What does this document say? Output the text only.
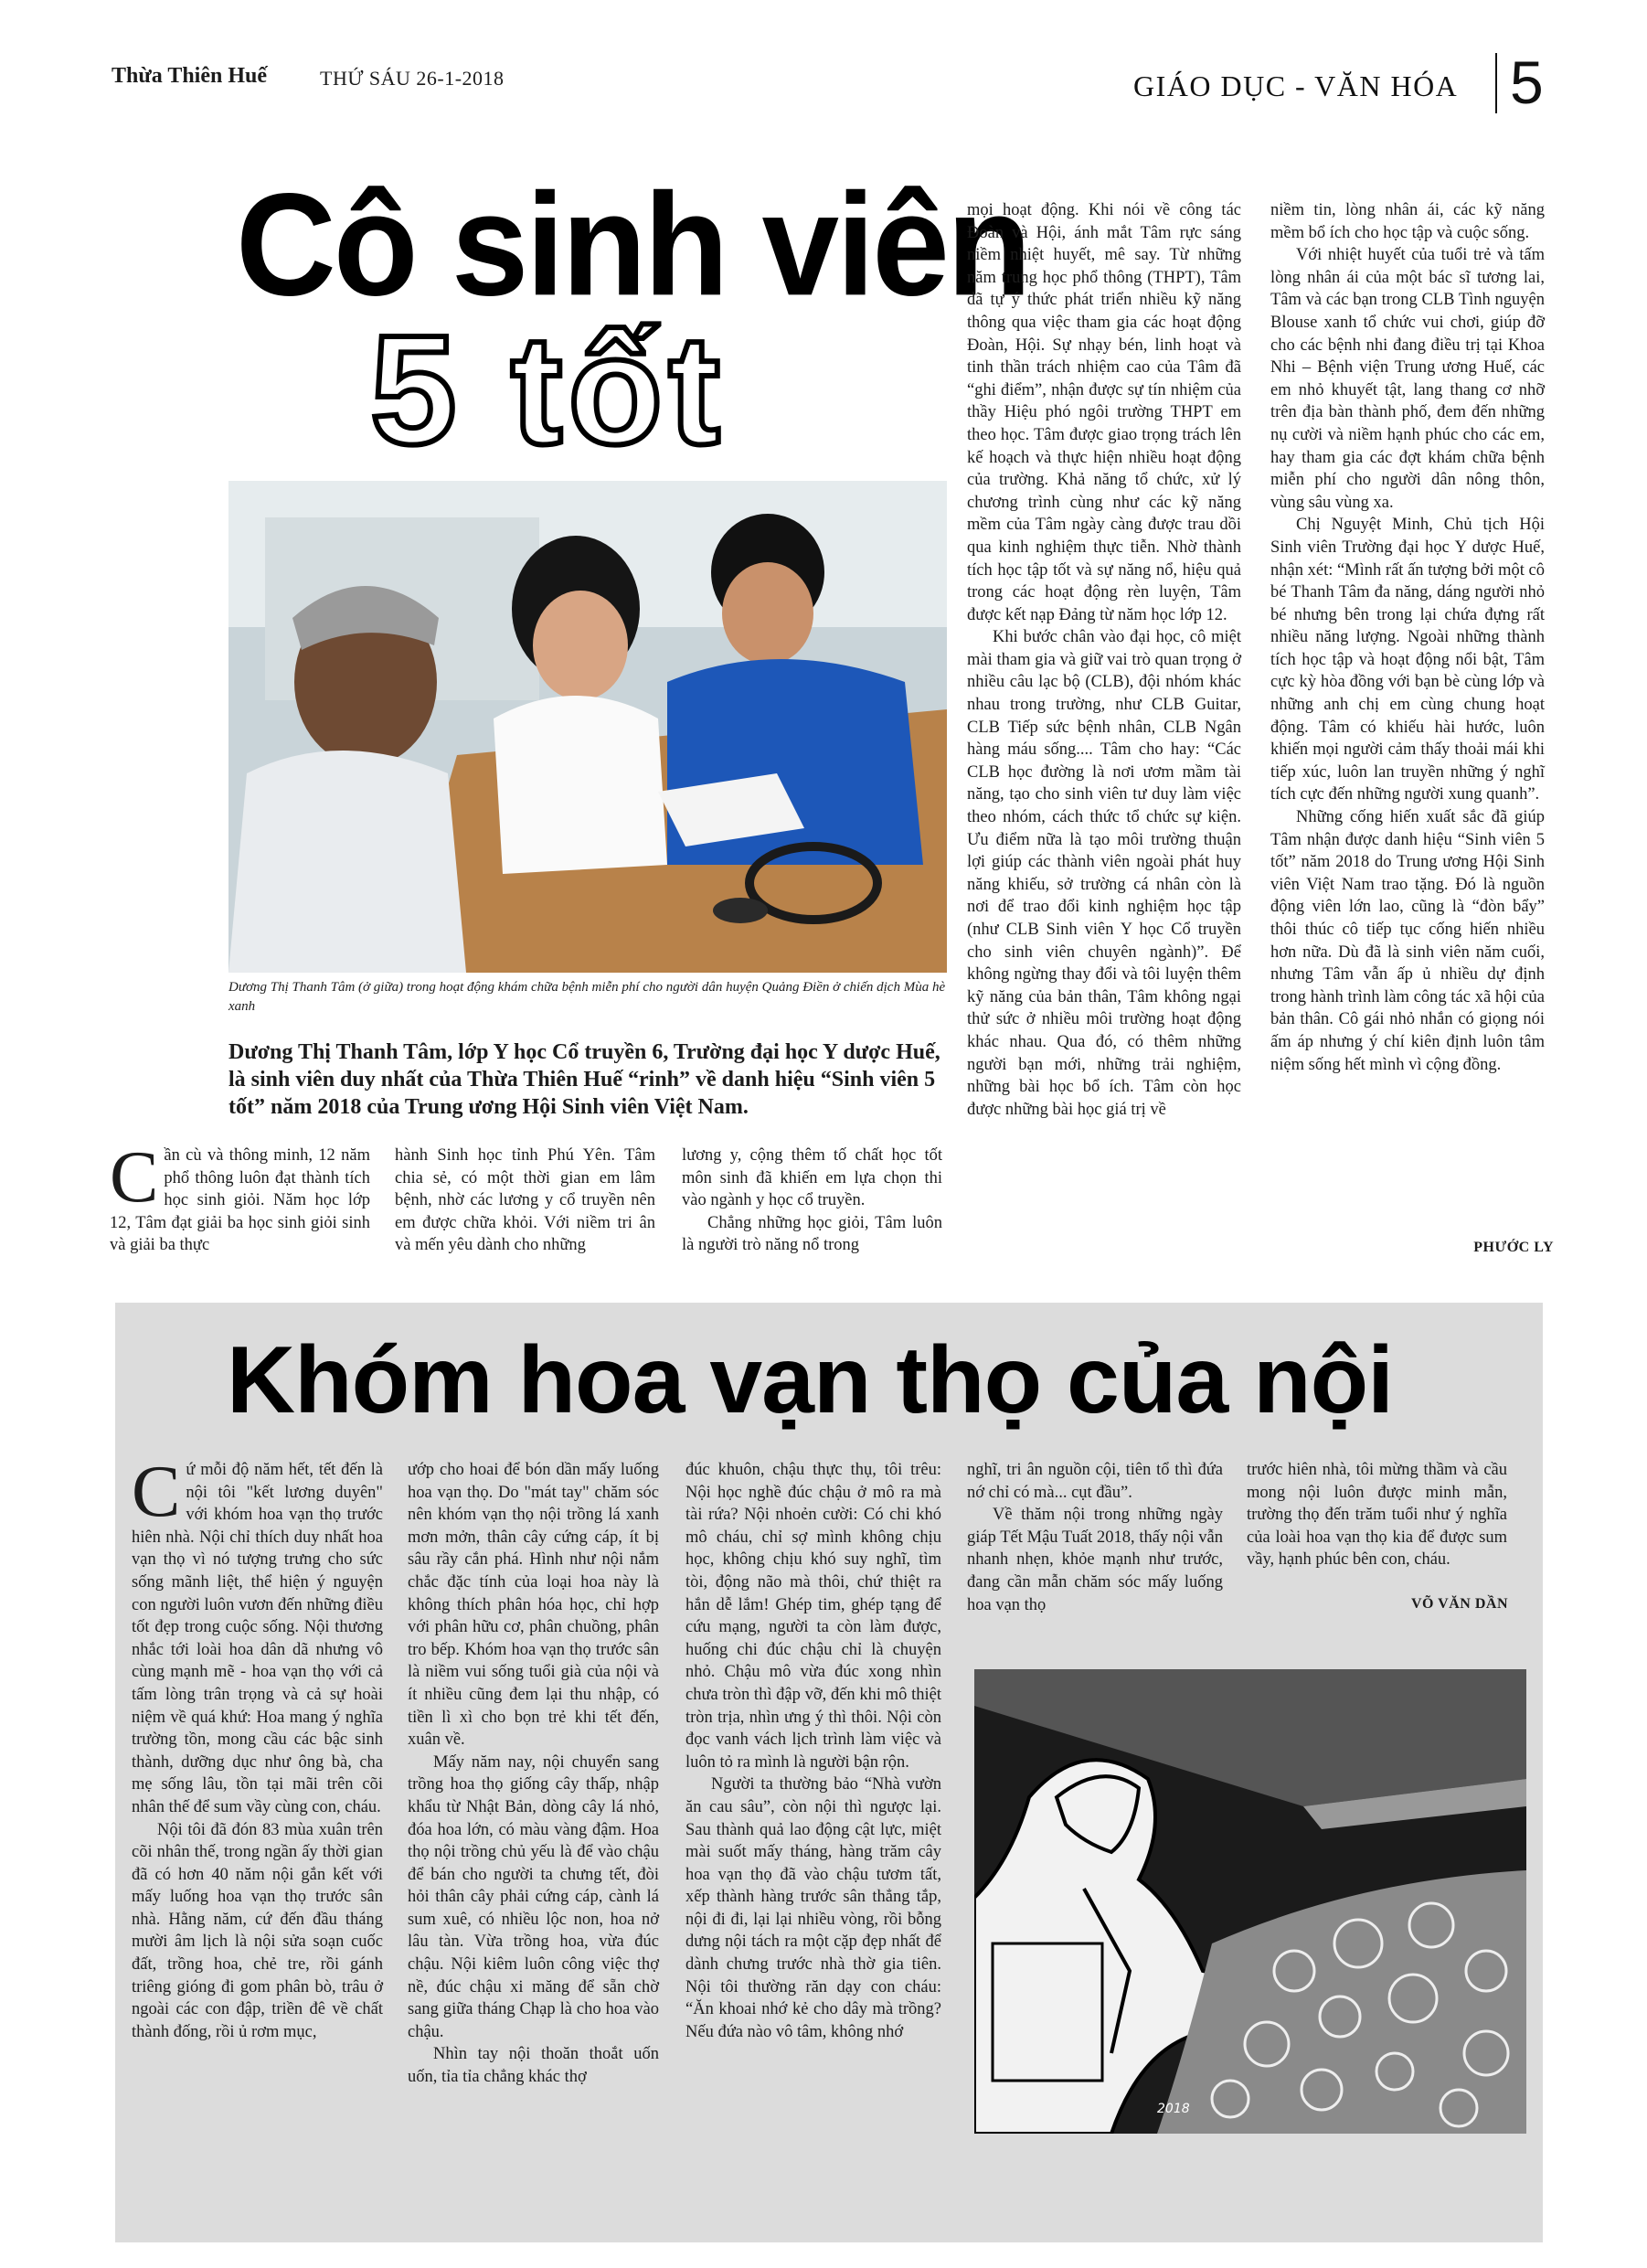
Thừa Thiên Huế	THỨ SÁU 26-1-2018	GIÁO DỤC - VĂN HÓA 5
Cô sinh viên
5 tốt
Dương Thị Thanh Tâm (ở giữa) trong hoạt động khám chữa bệnh miễn phí cho người dân huyện Quảng Điền ở chiến dịch Mùa hè xanh
Dương Thị Thanh Tâm, lớp Y học Cổ truyền 6, Trường đại học Y dược Huế, là sinh viên duy nhất của Thừa Thiên Huế “rinh” về danh hiệu “Sinh viên 5 tốt” năm 2018 của Trung ương Hội Sinh viên Việt Nam.

Cần cù và thông minh, 12 năm phổ thông luôn đạt thành tích học sinh giỏi. Năm học lớp 12, Tâm đạt giải ba học sinh giỏi sinh và giải ba thực

hành Sinh học tỉnh Phú Yên. Tâm chia sẻ, có một thời gian em lâm bệnh, nhờ các lương y cổ truyền nên em được chữa khỏi. Với niềm tri ân và mến yêu dành cho những

lương y, cộng thêm tố chất học tốt môn sinh đã khiến em lựa chọn thi vào ngành y học cổ truyền.

Chẳng những học giỏi, Tâm luôn là người trò năng nổ trong

mọi hoạt động. Khi nói về công tác Đoàn và Hội, ánh mắt Tâm rực sáng niềm nhiệt huyết, mê say. Từ những năm trung học phổ thông (THPT), Tâm đã tự ý thức phát triển nhiều kỹ năng thông qua việc tham gia các hoạt động Đoàn, Hội. Sự nhạy bén, linh hoạt và tinh thần trách nhiệm cao của Tâm đã “ghi điểm”, nhận được sự tín nhiệm của thầy Hiệu phó ngôi trường THPT em theo học. Tâm được giao trọng trách lên kế hoạch và thực hiện nhiều hoạt động của trường. Khả năng tổ chức, xử lý chương trình cùng như các kỹ năng mềm của Tâm ngày càng được trau dồi qua kinh nghiệm thực tiễn. Nhờ thành tích học tập tốt và sự năng nổ, hiệu quả trong các hoạt động rèn luyện, Tâm được kết nạp Đảng từ năm học lớp 12.

Khi bước chân vào đại học, cô miệt mài tham gia và giữ vai trò quan trọng ở nhiều câu lạc bộ (CLB), đội nhóm khác nhau trong trường, như CLB Guitar, CLB Tiếp sức bệnh nhân, CLB Ngân hàng máu sống.... Tâm cho hay: “Các CLB học đường là nơi ươm mầm tài năng, tạo cho sinh viên tư duy làm việc theo nhóm, cách thức tổ chức sự kiện. Ưu điểm nữa là tạo môi trường thuận lợi giúp các thành viên ngoài phát huy năng khiếu, sở trường cá nhân còn là nơi để trao đổi kinh nghiệm học tập (như CLB Sinh viên Y học Cổ truyền cho sinh viên chuyên ngành)”. Để không ngừng thay đổi và tôi luyện thêm kỹ năng của bản thân, Tâm không ngại thử sức ở nhiều môi trường hoạt động khác nhau. Qua đó, có thêm những người bạn mới, những trải nghiệm, những bài học bổ ích. Tâm còn học được những bài học giá trị về

niềm tin, lòng nhân ái, các kỹ năng mềm bổ ích cho học tập và cuộc sống.

Với nhiệt huyết của tuổi trẻ và tấm lòng nhân ái của một bác sĩ tương lai, Tâm và các bạn trong CLB Tình nguyện Blouse xanh tổ chức vui chơi, giúp đỡ cho các bệnh nhi đang điều trị tại Khoa Nhi – Bệnh viện Trung ương Huế, các em nhỏ khuyết tật, lang thang cơ nhỡ trên địa bàn thành phố, đem đến những nụ cười và niềm hạnh phúc cho các em, hay tham gia các đợt khám chữa bệnh miễn phí cho người dân nông thôn, vùng sâu vùng xa.

Chị Nguyệt Minh, Chủ tịch Hội Sinh viên Trường đại học Y dược Huế, nhận xét: “Mình rất ấn tượng bởi một cô bé Thanh Tâm đa năng, dáng người nhỏ bé nhưng bên trong lại chứa đựng rất nhiều năng lượng. Ngoài những thành tích học tập và hoạt động nổi bật, Tâm cực kỳ hòa đồng với bạn bè cùng lớp và những anh chị em cùng chung hoạt động. Tâm có khiếu hài hước, luôn khiến mọi người cảm thấy thoải mái khi tiếp xúc, luôn lan truyền những ý nghĩ tích cực đến những người xung quanh”.

Những cống hiến xuất sắc đã giúp Tâm nhận được danh hiệu “Sinh viên 5 tốt” năm 2018 do Trung ương Hội Sinh viên Việt Nam trao tặng. Đó là nguồn động viên lớn lao, cũng là “đòn bẩy” thôi thúc cô tiếp tục cống hiến nhiều hơn nữa. Dù đã là sinh viên năm cuối, nhưng Tâm vẫn ấp ủ nhiều dự định trong hành trình làm công tác xã hội của bản thân. Cô gái nhỏ nhắn có giọng nói ấm áp nhưng ý chí kiên định luôn tâm niệm sống hết mình vì cộng đồng.

PHƯỚC LY
Khóm hoa vạn thọ của nội

Cứ mỗi độ năm hết, tết đến là nội tôi "kết lương duyên" với khóm hoa vạn thọ trước hiên nhà. Nội chỉ thích duy nhất hoa vạn thọ vì nó tượng trưng cho sức sống mãnh liệt, thể hiện ý nguyện con người luôn vươn đến những điều tốt đẹp trong cuộc sống. Nội thương nhắc tới loài hoa dân dã nhưng vô cùng mạnh mẽ - hoa vạn thọ với cả tấm lòng trân trọng và cả sự hoài niệm về quá khứ: Hoa mang ý nghĩa trường tồn, mong cầu các bậc sinh thành, dưỡng dục như ông bà, cha mẹ sống lâu, tồn tại mãi trên cõi nhân thế để sum vầy cùng con, cháu.

Nội tôi đã đón 83 mùa xuân trên cõi nhân thế, trong ngần ấy thời gian đã có hơn 40 năm nội gắn kết với mấy luống hoa vạn thọ trước sân nhà. Hằng năm, cứ đến đầu tháng mười âm lịch là nội sửa soạn cuốc đất, trồng hoa, chẻ tre, rồi gánh triêng gióng đi gom phân bò, trâu ở ngoài các con đập, triền đê về chất thành đống, rồi ủ rơm mục,

ướp cho hoai để bón dần mấy luống hoa vạn thọ. Do "mát tay" chăm sóc nên khóm vạn thọ nội trồng lá xanh mơn mởn, thân cây cứng cáp, ít bị sâu rầy cắn phá. Hình như nội nắm chắc đặc tính của loại hoa này là không thích phân hóa học, chỉ hợp với phân hữu cơ, phân chuồng, phân tro bếp. Khóm hoa vạn thọ trước sân là niềm vui sống tuổi già của nội và ít nhiều cũng đem lại thu nhập, có tiền lì xì cho bọn trẻ khi tết đến, xuân về.

Mấy năm nay, nội chuyển sang trồng hoa thọ giống cây thấp, nhập khẩu từ Nhật Bản, dòng cây lá nhỏ, đóa hoa lớn, có màu vàng đậm. Hoa thọ nội trồng chủ yếu là để vào chậu để bán cho người ta chưng tết, đòi hỏi thân cây phải cứng cáp, cành lá sum xuê, có nhiều lộc non, hoa nở lâu tàn. Vừa trồng hoa, vừa đúc chậu. Nội kiêm luôn công việc thợ nề, đúc chậu xi măng để sẵn chờ sang giữa tháng Chạp là cho hoa vào chậu.

Nhìn tay nội thoăn thoắt uốn uốn, tỉa tỉa chẳng khác thợ

đúc khuôn, chậu thực thụ, tôi trêu: Nội học nghề đúc chậu ở mô ra mà tài rứa? Nội nhoẻn cười: Có chi khó mô cháu, chỉ sợ mình không chịu học, không chịu khó suy nghĩ, tìm tòi, động não mà thôi, chứ thiệt ra hắn dễ lắm! Ghép tim, ghép tạng để cứu mạng, người ta còn làm được, huống chi đúc chậu chỉ là chuyện nhỏ. Chậu mô vừa đúc xong nhìn chưa tròn thì đập vỡ, đến khi mô thiệt tròn trịa, nhìn ưng ý thì thôi. Nội còn đọc vanh vách lịch trình làm việc và luôn tỏ ra mình là người bận rộn.

Người ta thường bảo “Nhà vườn ăn cau sâu”, còn nội thì ngược lại. Sau thành quả lao động cật lực, miệt mài suốt mấy tháng, hàng trăm cây hoa vạn thọ đã vào chậu tươm tất, xếp thành hàng trước sân thẳng tắp, nội đi đi, lại lại nhiều vòng, rồi bỗng dưng nội tách ra một cặp đẹp nhất để dành chưng trước nhà thờ gia tiên. Nội tôi thường răn dạy con cháu: “Ăn khoai nhớ kẻ cho dây mà trồng? Nếu đứa nào vô tâm, không nhớ

nghĩ, tri ân nguồn cội, tiên tổ thì đứa nớ chỉ có mà... cụt đầu”.

Về thăm nội trong những ngày giáp Tết Mậu Tuất 2018, thấy nội vẫn nhanh nhẹn, khỏe mạnh như trước, đang cần mẫn chăm sóc mấy luống hoa vạn thọ

trước hiên nhà, tôi mừng thầm và cầu mong nội luôn được minh mẫn, trường thọ đến trăm tuổi như ý nghĩa của loài hoa vạn thọ kia để được sum vầy, hạnh phúc bên con, cháu.

VÕ VĂN DẦN
2018
